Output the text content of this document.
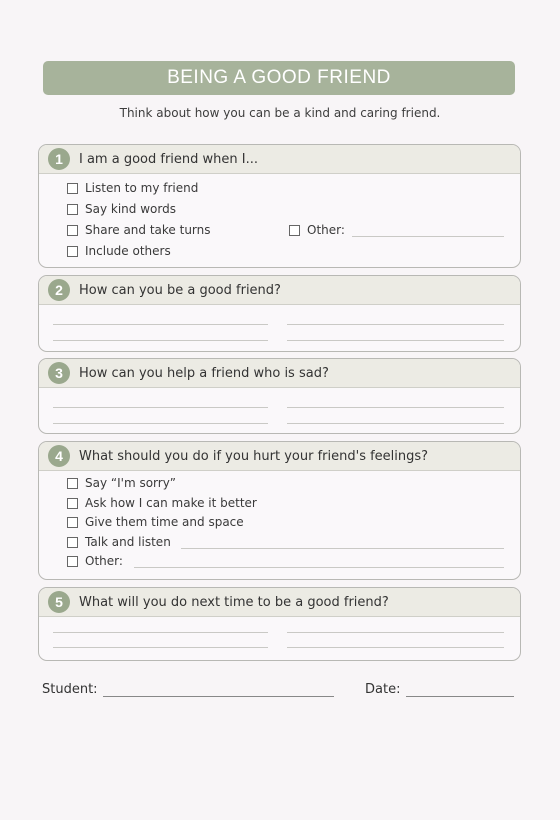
BEING A GOOD FRIEND
Think about how you can be a kind and caring friend.
1	I am a good friend when I...
Listen to my friend
Say kind words
Share and take turns
Include others
Other:
2	How can you be a good friend?
3	How can you help a friend who is sad?
4	What should you do if you hurt your friend's feelings?
Say “I'm sorry”
Ask how I can make it better
Give them time and space
Talk and listen
Other:
5	What will you do next time to be a good friend?
Student:	Date:
